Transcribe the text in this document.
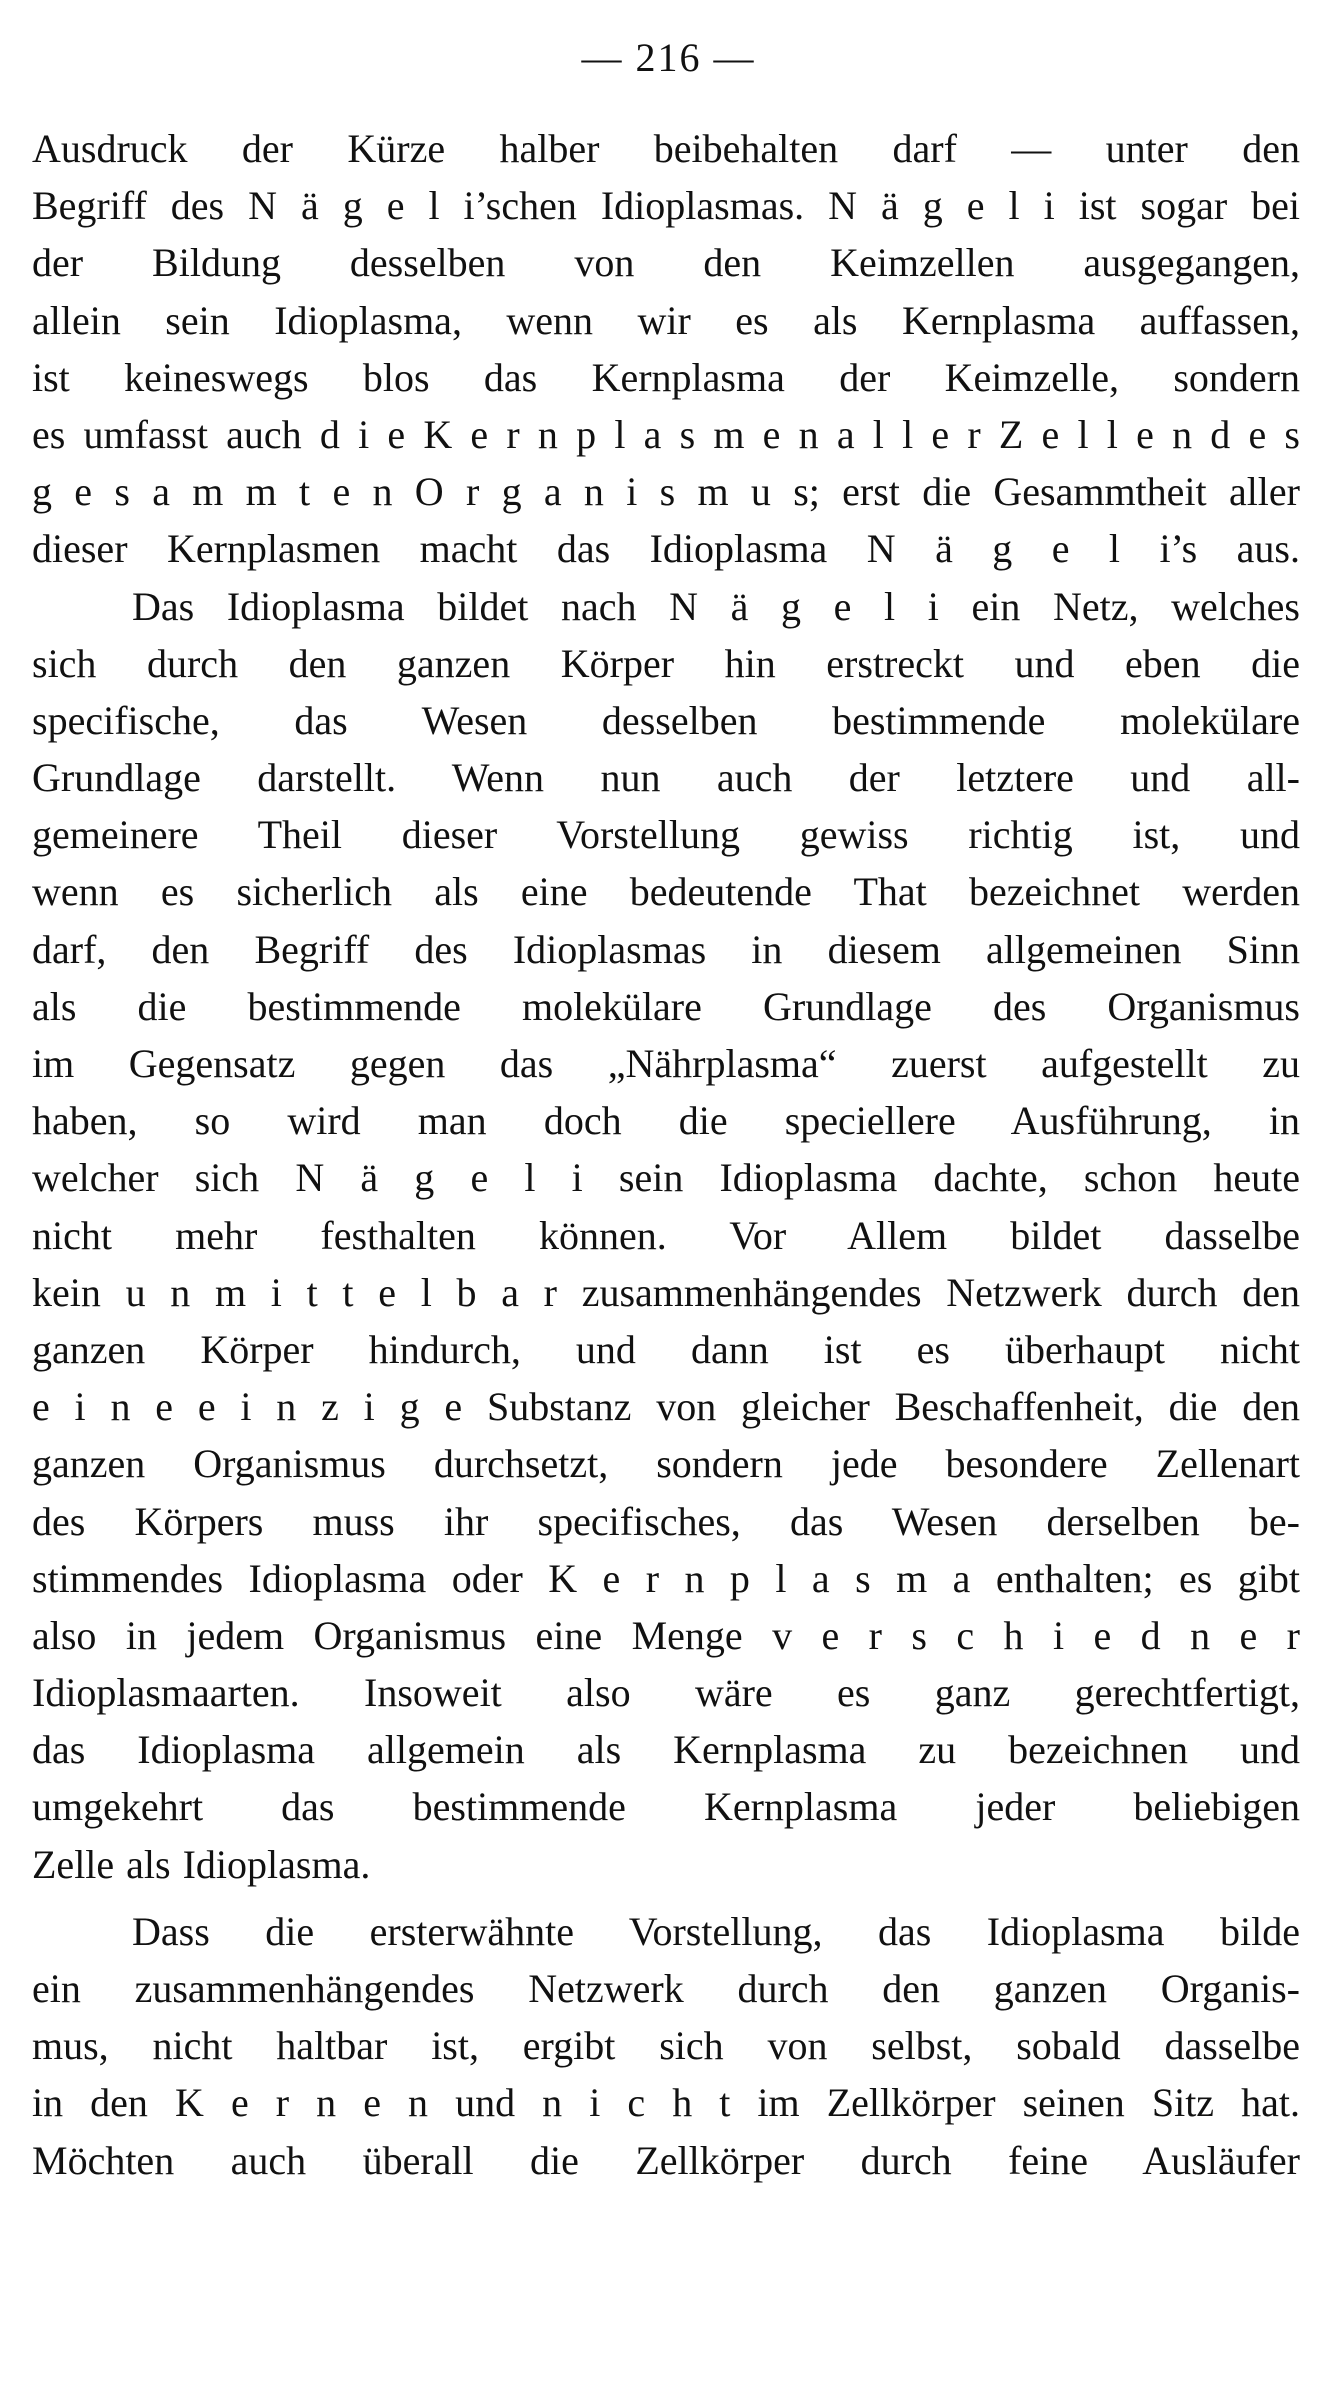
— 216 —
Ausdruck der Kürze halber beibehalten darf — unter den
Begriff des N ä g e l i’schen Idioplasmas. N ä g e l i ist sogar bei
der Bildung desselben von den Keimzellen ausgegangen,
allein sein Idioplasma, wenn wir es als Kernplasma auffassen,
ist keineswegs blos das Kernplasma der Keimzelle, sondern
es umfasst auch d i e K e r n p l a s m e n a l l e r Z e l l e n d e s
g e s a m m t e n O r g a n i s m u s; erst die Gesammtheit aller
dieser Kernplasmen macht das Idioplasma N ä g e l i’s aus.
Das Idioplasma bildet nach N ä g e l i ein Netz, welches
sich durch den ganzen Körper hin erstreckt und eben die
specifische, das Wesen desselben bestimmende molekülare
Grundlage darstellt. Wenn nun auch der letztere und all-
gemeinere Theil dieser Vorstellung gewiss richtig ist, und
wenn es sicherlich als eine bedeutende That bezeichnet werden
darf, den Begriff des Idioplasmas in diesem allgemeinen Sinn
als die bestimmende molekülare Grundlage des Organismus
im Gegensatz gegen das „Nährplasma“ zuerst aufgestellt zu
haben, so wird man doch die speciellere Ausführung, in
welcher sich N ä g e l i sein Idioplasma dachte, schon heute
nicht mehr festhalten können. Vor Allem bildet dasselbe
kein u n m i t t e l b a r zusammenhängendes Netzwerk durch den
ganzen Körper hindurch, und dann ist es überhaupt nicht
e i n e e i n z i g e Substanz von gleicher Beschaffenheit, die den
ganzen Organismus durchsetzt, sondern jede besondere Zellenart
des Körpers muss ihr specifisches, das Wesen derselben be-
stimmendes Idioplasma oder K e r n p l a s m a enthalten; es gibt
also in jedem Organismus eine Menge v e r s c h i e d n e r
Idioplasmaarten. Insoweit also wäre es ganz gerechtfertigt,
das Idioplasma allgemein als Kernplasma zu bezeichnen und
umgekehrt das bestimmende Kernplasma jeder beliebigen
Zelle als Idioplasma.
Dass die ersterwähnte Vorstellung, das Idioplasma bilde
ein zusammenhängendes Netzwerk durch den ganzen Organis-
mus, nicht haltbar ist, ergibt sich von selbst, sobald dasselbe
in den K e r n e n und n i c h t im Zellkörper seinen Sitz hat.
Möchten auch überall die Zellkörper durch feine Ausläufer
